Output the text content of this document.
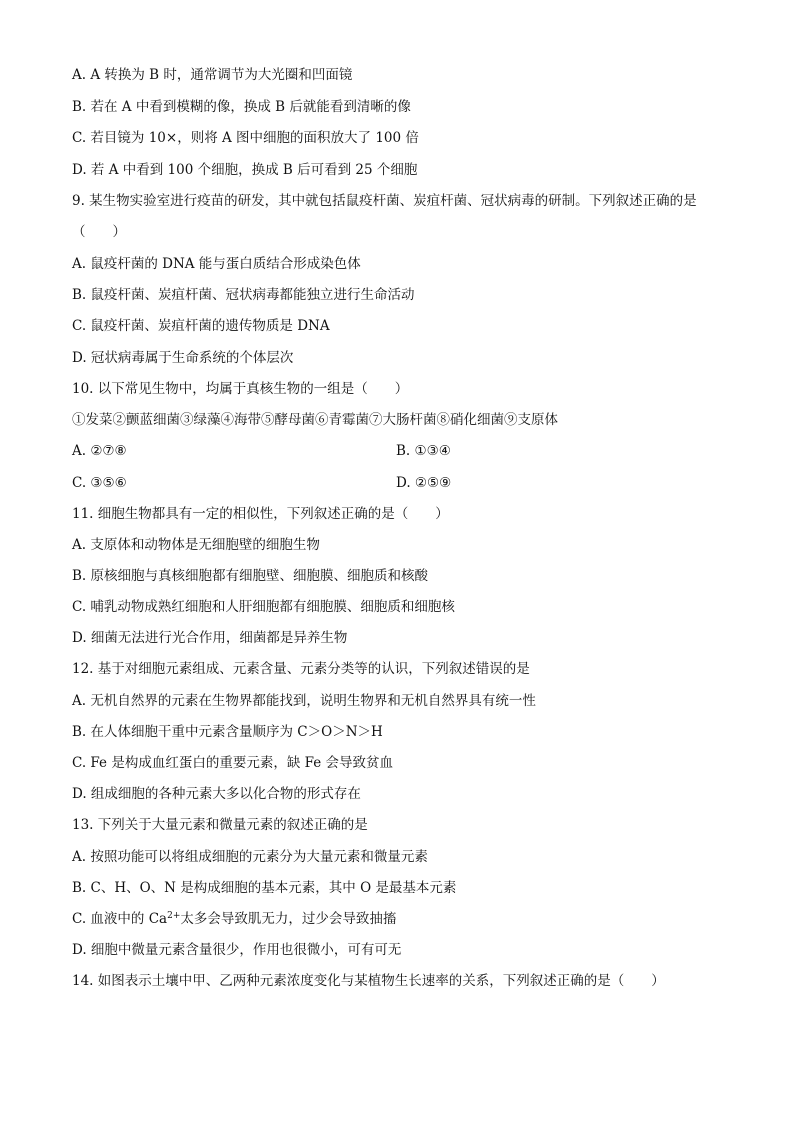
A. A 转换为 B 时，通常调节为大光圈和凹面镜
B. 若在 A 中看到模糊的像，换成 B 后就能看到清晰的像
C. 若目镜为 10×，则将 A 图中细胞的面积放大了 100 倍
D. 若 A 中看到 100 个细胞，换成 B 后可看到 25 个细胞
9. 某生物实验室进行疫苗的研发，其中就包括鼠疫杆菌、炭疽杆菌、冠状病毒的研制。下列叙述正确的是
（　　）
A. 鼠疫杆菌的 DNA 能与蛋白质结合形成染色体
B. 鼠疫杆菌、炭疽杆菌、冠状病毒都能独立进行生命活动
C. 鼠疫杆菌、炭疽杆菌的遗传物质是 DNA
D. 冠状病毒属于生命系统的个体层次
10. 以下常见生物中，均属于真核生物的一组是（　　）
①发菜②颤蓝细菌③绿藻④海带⑤酵母菌⑥青霉菌⑦大肠杆菌⑧硝化细菌⑨支原体
A. ②⑦⑧	B. ①③④
C. ③⑤⑥	D. ②⑤⑨
11. 细胞生物都具有一定的相似性，下列叙述正确的是（　　）
A. 支原体和动物体是无细胞壁的细胞生物
B. 原核细胞与真核细胞都有细胞壁、细胞膜、细胞质和核酸
C. 哺乳动物成熟红细胞和人肝细胞都有细胞膜、细胞质和细胞核
D. 细菌无法进行光合作用，细菌都是异养生物
12. 基于对细胞元素组成、元素含量、元素分类等的认识，下列叙述错误的是
A. 无机自然界的元素在生物界都能找到，说明生物界和无机自然界具有统一性
B. 在人体细胞干重中元素含量顺序为 C＞O＞N＞H
C. Fe 是构成血红蛋白的重要元素，缺 Fe 会导致贫血
D. 组成细胞的各种元素大多以化合物的形式存在
13. 下列关于大量元素和微量元素的叙述正确的是
A. 按照功能可以将组成细胞的元素分为大量元素和微量元素
B. C、H、O、N 是构成细胞的基本元素，其中 O 是最基本元素
C. 血液中的 $Ca^{2+}$太多会导致肌无力，过少会导致抽搐
D. 细胞中微量元素含量很少，作用也很微小，可有可无
14. 如图表示土壤中甲、乙两种元素浓度变化与某植物生长速率的关系，下列叙述正确的是（　　）
